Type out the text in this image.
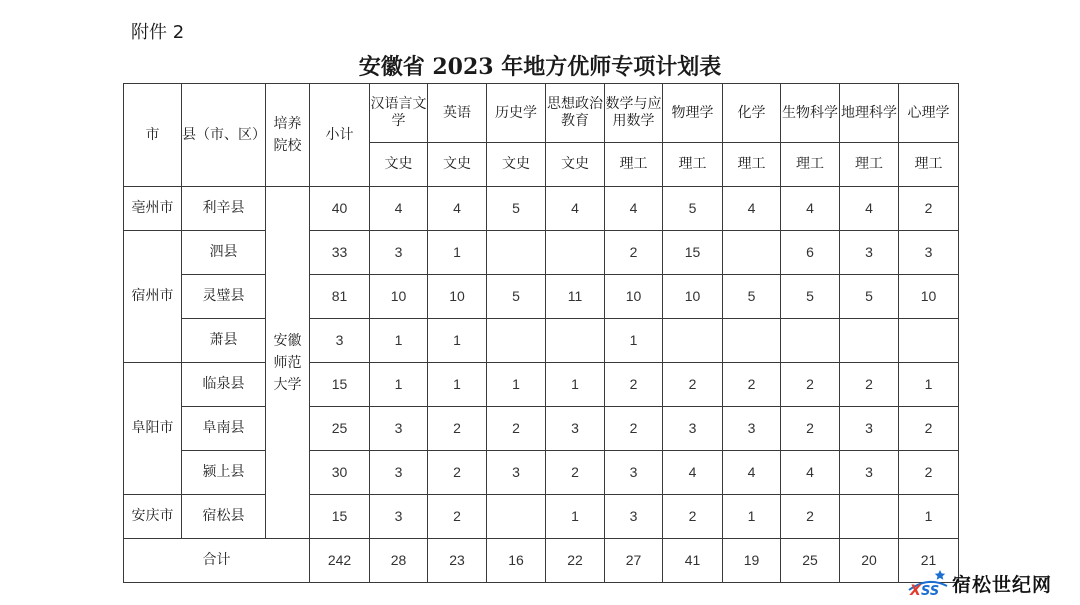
附件 2
安徽省 2023 年地方优师专项计划表
市	县（市、区）	培养院校	小计	汉语言文学	英语	历史学	思想政治教育	数学与应用数学	物理学	化学	生物科学	地理科学	心理学
				文史	文史	文史	文史	理工	理工	理工	理工	理工	理工
亳州市	利辛县	安徽师范大学	40	4	4	5	4	4	5	4	4	4	2
宿州市	泗县		33	3	1			2	15		6	3	3
	灵璧县		81	10	10	5	11	10	10	5	5	5	10
	萧县		3	1	1			1					
阜阳市	临泉县		15	1	1	1	1	2	2	2	2	2	1
	阜南县		25	3	2	2	3	2	3	3	2	3	2
	颍上县		30	3	2	3	2	3	4	4	4	3	2
安庆市	宿松县		15	3	2		1	3	2	1	2		1
合计			242	28	23	16	22	27	41	19	25	20	21
X SS 宿松世纪网
